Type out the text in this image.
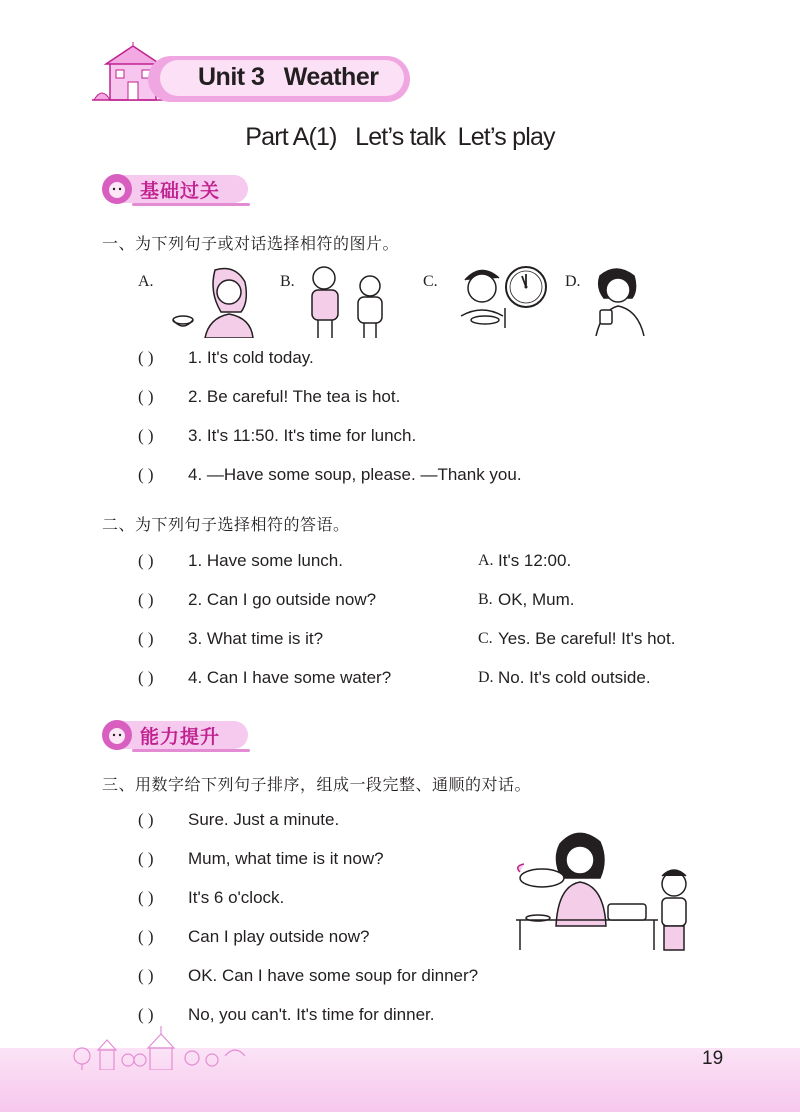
Unit 3   Weather
Part A(1)   Let’s talk  Let’s play
基础过关
一、为下列句子或对话选择相符的图片。
A.	B.	C.	D.
( ) 1. It's cold today.
( ) 2. Be careful! The tea is hot.
( ) 3. It's 11:50. It's time for lunch.
( ) 4. —Have some soup, please. —Thank you.
二、为下列句子选择相符的答语。
( ) 1. Have some lunch.	A. It's 12:00.
( ) 2. Can I go outside now?	B. OK, Mum.
( ) 3. What time is it?	C. Yes. Be careful! It's hot.
( ) 4. Can I have some water?	D. No. It's cold outside.
能力提升
三、用数字给下列句子排序，组成一段完整、通顺的对话。
( ) Sure. Just a minute.
( ) Mum, what time is it now?
( ) It's 6 o'clock.
( ) Can I play outside now?
( ) OK. Can I have some soup for dinner?
( ) No, you can't. It's time for dinner.
19
